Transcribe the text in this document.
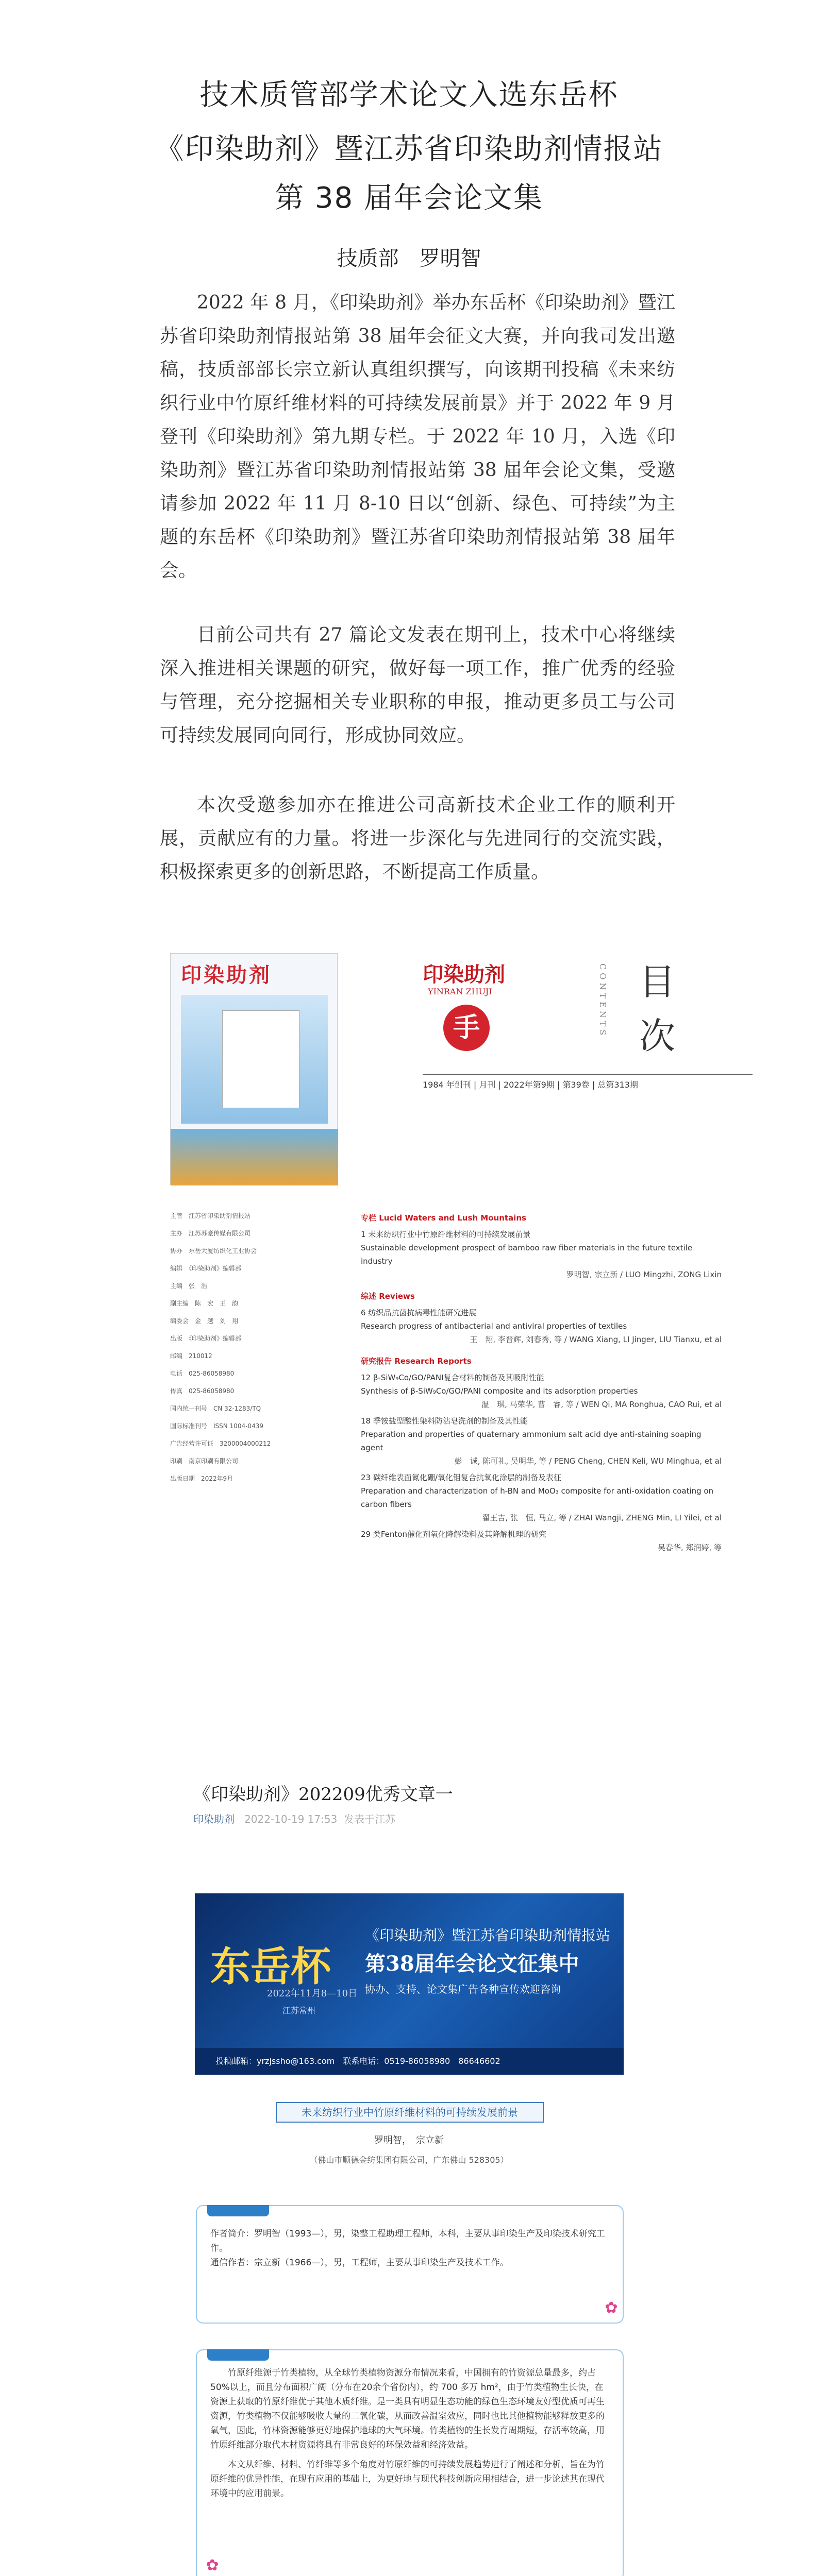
技术质管部学术论文入选东岳杯
《印染助剂》暨江苏省印染助剂情报站
第 38 届年会论文集
技质部　罗明智

2022 年 8 月，《印染助剂》举办东岳杯《印染助剂》暨江苏省印染助剂情报站第 38 届年会征文大赛，并向我司发出邀稿，技质部部长宗立新认真组织撰写，向该期刊投稿《未来纺织行业中竹原纤维材料的可持续发展前景》并于 2022 年 9 月登刊《印染助剂》第九期专栏。于 2022 年 10 月，入选《印染助剂》暨江苏省印染助剂情报站第 38 届年会论文集，受邀请参加 2022 年 11 月 8-10 日以“创新、绿色、可持续”为主题的东岳杯《印染助剂》暨江苏省印染助剂情报站第 38 届年会。

目前公司共有 27 篇论文发表在期刊上，技术中心将继续深入推进相关课题的研究，做好每一项工作，推广优秀的经验与管理，充分挖掘相关专业职称的申报，推动更多员工与公司可持续发展同向同行，形成协同效应。

本次受邀参加亦在推进公司高新技术企业工作的顺利开展，贡献应有的力量。将进一步深化与先进同行的交流实践，积极探索更多的创新思路，不断提高工作质量。

印染助剂	印染助剂
YINRAN ZHUJI
手	CONTENTS 目
次
1984 年创刊 | 月刊 | 2022年第9期 | 第39卷 | 总第313期
主管　江苏省印染助剂情报站
主办　江苏苏豪传媒有限公司
协办　东岳大厦纺织化工业协会
编辑　《印染助剂》编辑部
主编　张　浩
副主编　陈　宏　王　韵
编委会　金　越　刘　翔
出版　《印染助剂》编辑部
邮编　210012
电话　025-86058980
传真　025-86058980
国内统一刊号　CN 32-1283/TQ
国际标准刊号　ISSN 1004-0439
广告经营许可证　3200004000212
印刷　南京印刷有限公司
出版日期　2022年9月
专栏 Lucid Waters and Lush Mountains
1 未来纺织行业中竹原纤维材料的可持续发展前景
Sustainable development prospect of bamboo raw fiber materials in the future textile industry
罗明智, 宗立新 / LUO Mingzhi, ZONG Lixin
综述 Reviews
6 纺织品抗菌抗病毒性能研究进展
Research progress of antibacterial and antiviral properties of textiles
王　翔, 李晋辉, 刘春秀, 等 / WANG Xiang, LI Jinger, LIU Tianxu, et al
研究报告 Research Reports
12 β-SiW₉Co/GO/PANI复合材料的制备及其吸附性能
Synthesis of β-SiW₉Co/GO/PANI composite and its adsorption properties
温　琪, 马荣华, 曹　睿, 等 / WEN Qi, MA Ronghua, CAO Rui, et al
18 季铵盐型酸性染料防沾皂洗剂的制备及其性能
Preparation and properties of quaternary ammonium salt acid dye anti-staining soaping agent
彭　诚, 陈可礼, 吴明华, 等 / PENG Cheng, CHEN Keli, WU Minghua, et al
23 碳纤维表面氮化硼/氧化钼复合抗氧化涂层的制备及表征
Preparation and characterization of h-BN and MoO₃ composite for anti-oxidation coating on carbon fibers
翟王吉, 张　恒, 马立, 等 / ZHAI Wangji, ZHENG Min, LI Yilei, et al
29 类Fenton催化剂氧化降解染料及其降解机理的研究
吴春华, 郑润婷, 等
《印染助剂》202209优秀文章一
印染助剂 2022-10-19 17:53 发表于江苏
东岳杯
2022年11月8—10日
江苏常州
《印染助剂》暨江苏省印染助剂情报站
第38届年会论文征集中
协办、支持、论文集广告各种宣传欢迎咨询
投稿邮箱：yrzjssho@163.com　联系电话：0519-86058980　86646602
未来纺织行业中竹原纤维材料的可持续发展前景
罗明智，　宗立新
（佛山市顺德金纺集团有限公司，广东佛山 528305）

作者简介：罗明智（1993—），男，染整工程助理工程师，本科，主要从事印染生产及印染技术研究工作。

通信作者：宗立新（1966—），男，工程师，主要从事印染生产及技术工作。

✿

竹原纤维源于竹类植物，从全球竹类植物资源分布情况来看，中国拥有的竹资源总量最多，约占50%以上，而且分布面积广阔（分布在20余个省份内），约 700 多万 hm²，由于竹类植物生长快，在资源上获取的竹原纤维优于其他木质纤维。是一类具有明显生态功能的绿色生态环境友好型优质可再生资源，竹类植物不仅能够吸收大量的二氧化碳，从而改善温室效应，同时也比其他植物能够释放更多的氧气，因此，竹林资源能够更好地保护地球的大气环境。竹类植物的生长发育周期短，存活率较高，用竹原纤维部分取代木材资源将具有非常良好的环保效益和经济效益。

本文从纤维、材料、竹纤维等多个角度对竹原纤维的可持续发展趋势进行了阐述和分析，旨在为竹原纤维的优异性能，在现有应用的基础上，为更好地与现代科技创新应用相结合，进一步论述其在现代环境中的应用前景。

✿
